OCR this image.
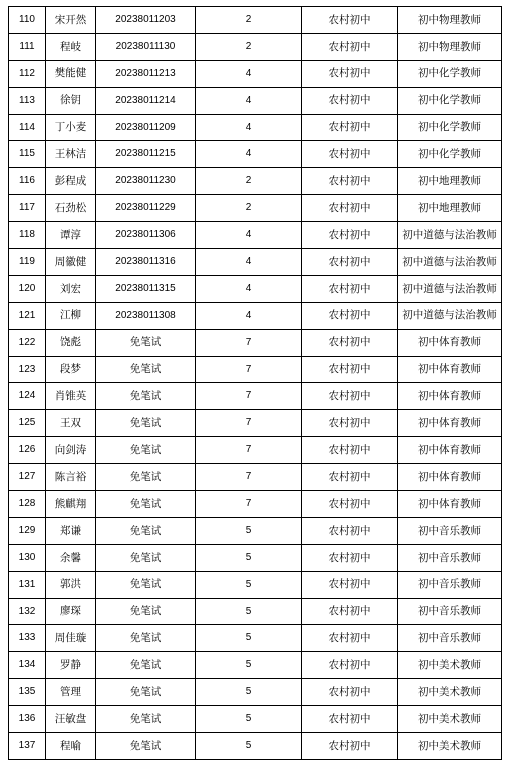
110	宋开然	20238011203	2	农村初中	初中物理教师
111	程岐	20238011130	2	农村初中	初中物理教师
112	樊能健	20238011213	4	农村初中	初中化学教师
113	徐钥	20238011214	4	农村初中	初中化学教师
114	丁小麦	20238011209	4	农村初中	初中化学教师
115	王林洁	20238011215	4	农村初中	初中化学教师
116	彭程成	20238011230	2	农村初中	初中地理教师
117	石劲松	20238011229	2	农村初中	初中地理教师
118	谭淳	20238011306	4	农村初中	初中道德与法治教师
119	周徽健	20238011316	4	农村初中	初中道德与法治教师
120	刘宏	20238011315	4	农村初中	初中道德与法治教师
121	江柳	20238011308	4	农村初中	初中道德与法治教师
122	饶彪	免笔试	7	农村初中	初中体育教师
123	段梦	免笔试	7	农村初中	初中体育教师
124	肖锥英	免笔试	7	农村初中	初中体育教师
125	王双	免笔试	7	农村初中	初中体育教师
126	向剑涛	免笔试	7	农村初中	初中体育教师
127	陈言裕	免笔试	7	农村初中	初中体育教师
128	熊麒翔	免笔试	7	农村初中	初中体育教师
129	郑谦	免笔试	5	农村初中	初中音乐教师
130	余馨	免笔试	5	农村初中	初中音乐教师
131	郭洪	免笔试	5	农村初中	初中音乐教师
132	廖琛	免笔试	5	农村初中	初中音乐教师
133	周佳璇	免笔试	5	农村初中	初中音乐教师
134	罗静	免笔试	5	农村初中	初中美术教师
135	管理	免笔试	5	农村初中	初中美术教师
136	汪敏盘	免笔试	5	农村初中	初中美术教师
137	程喻	免笔试	5	农村初中	初中美术教师
